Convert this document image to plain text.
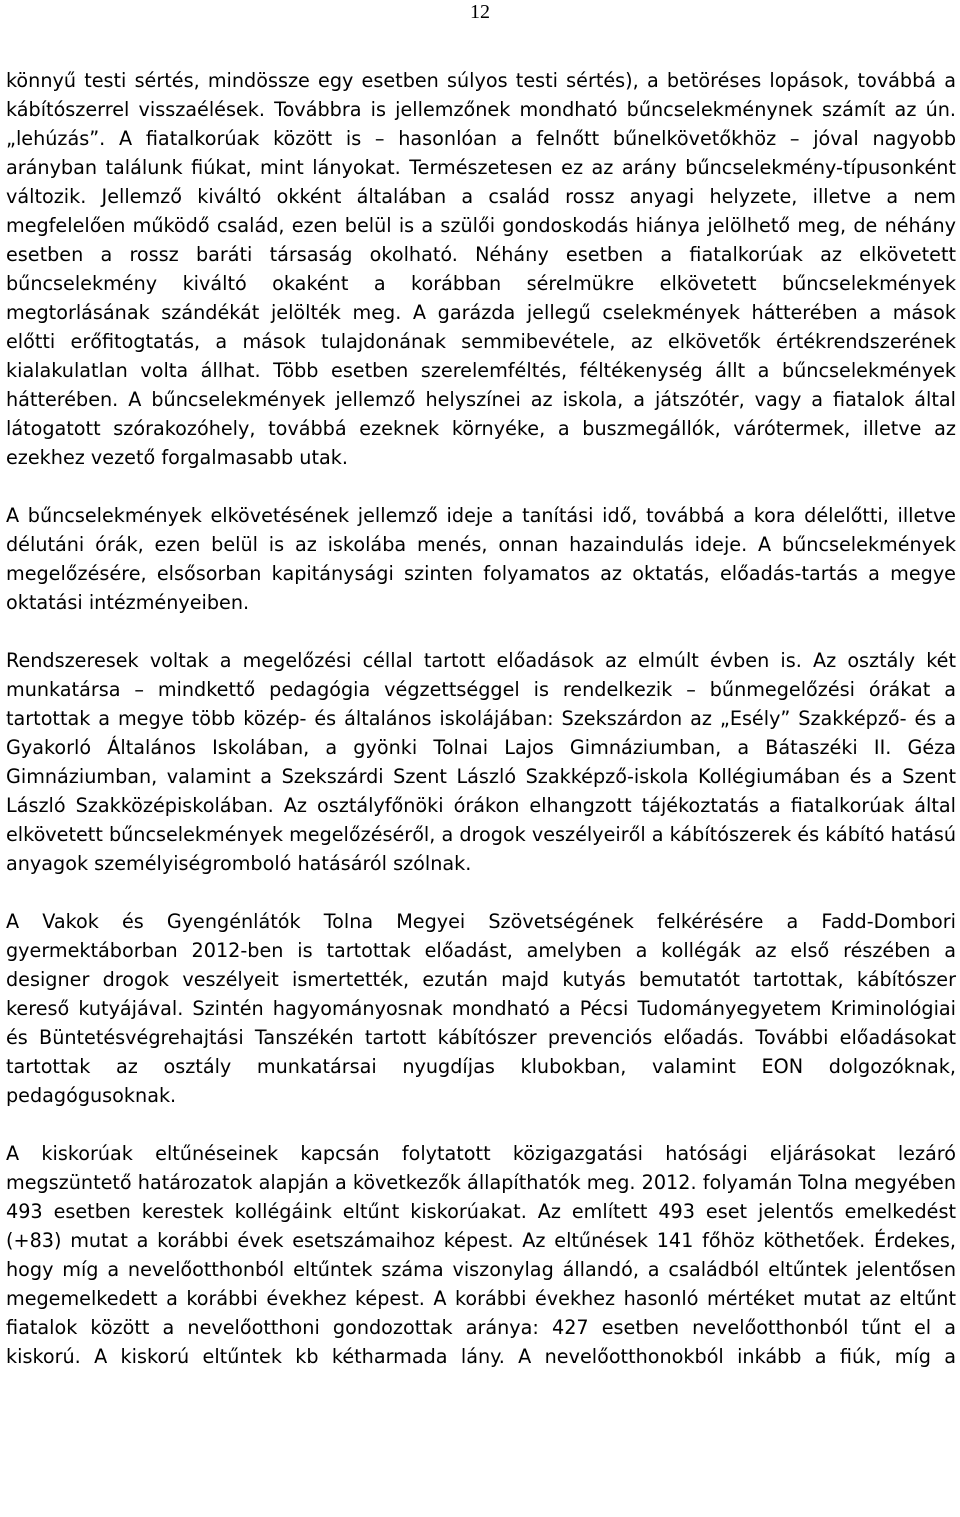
12

könnyű testi sértés, mindössze egy esetben súlyos testi sértés), a betöréses lopások, továbbá a kábítószerrel visszaélések. Továbbra is jellemzőnek mondható bűncselekménynek számít az ún. „lehúzás”. A fiatalkorúak között is – hasonlóan a felnőtt bűnelkövetőkhöz – jóval nagyobb arányban találunk fiúkat, mint lányokat. Természetesen ez az arány bűncselekmény-típusonként változik. Jellemző kiváltó okként általában a család rossz anyagi helyzete, illetve a nem megfelelően működő család, ezen belül is a szülői gondoskodás hiánya jelölhető meg, de néhány esetben a rossz baráti társaság okolható. Néhány esetben a fiatalkorúak az elkövetett bűncselekmény kiváltó okaként a korábban sérelmükre elkövetett bűncselekmények megtorlásának szándékát jelölték meg. A garázda jellegű cselekmények hátterében a mások előtti erőfitogtatás, a mások tulajdonának semmibevétele, az elkövetők értékrendszerének kialakulatlan volta állhat. Több esetben szerelemféltés, féltékenység állt a bűncselekmények hátterében. A bűncselekmények jellemző helyszínei az iskola, a játszótér, vagy a fiatalok által látogatott szórakozóhely, továbbá ezeknek környéke, a buszmegállók, várótermek, illetve az ezekhez vezető forgalmasabb utak.

A bűncselekmények elkövetésének jellemző ideje a tanítási idő, továbbá a kora délelőtti, illetve délutáni órák, ezen belül is az iskolába menés, onnan hazaindulás ideje. A bűncselekmények megelőzésére, elsősorban kapitánysági szinten folyamatos az oktatás, előadás-tartás a megye oktatási intézményeiben.

Rendszeresek voltak a megelőzési céllal tartott előadások az elmúlt évben is. Az osztály két munkatársa – mindkettő pedagógia végzettséggel is rendelkezik – bűnmegelőzési órákat a tartottak a megye több közép- és általános iskolájában: Szekszárdon az „Esély” Szakképző- és a Gyakorló Általános Iskolában, a gyönki Tolnai Lajos Gimnáziumban, a Bátaszéki II. Géza Gimnáziumban, valamint a Szekszárdi Szent László Szakképző-iskola Kollégiumában és a Szent László Szakközépiskolában. Az osztályfőnöki órákon elhangzott tájékoztatás a fiatalkorúak által elkövetett bűncselekmények megelőzéséről, a drogok veszélyeiről a kábítószerek és kábító hatású anyagok személyiségromboló hatásáról szólnak.

A Vakok és Gyengénlátók Tolna Megyei Szövetségének felkérésére a Fadd-Dombori gyermektáborban 2012-ben is tartottak előadást, amelyben a kollégák az első részében a designer drogok veszélyeit ismertették, ezután majd kutyás bemutatót tartottak, kábítószer kereső kutyájával. Szintén hagyományosnak mondható a Pécsi Tudományegyetem Kriminológiai és Büntetésvégrehajtási Tanszékén tartott kábítószer prevenciós előadás. További előadásokat tartottak az osztály munkatársai nyugdíjas klubokban, valamint EON dolgozóknak, pedagógusoknak.

A kiskorúak eltűnéseinek kapcsán folytatott közigazgatási hatósági eljárásokat lezáró megszüntető határozatok alapján a következők állapíthatók meg. 2012. folyamán Tolna megyében 493 esetben kerestek kollégáink eltűnt kiskorúakat. Az említett 493 eset jelentős emelkedést (+83) mutat a korábbi évek esetszámaihoz képest. Az eltűnések 141 főhöz köthetőek. Érdekes, hogy míg a nevelőotthonból eltűntek száma viszonylag állandó, a családból eltűntek jelentősen megemelkedett a korábbi évekhez képest. A korábbi évekhez hasonló mértéket mutat az eltűnt fiatalok között a nevelőotthoni gondozottak aránya: 427 esetben nevelőotthonból tűnt el a kiskorú. A kiskorú eltűntek kb kétharmada lány. A nevelőotthonokból inkább a fiúk, míg a
